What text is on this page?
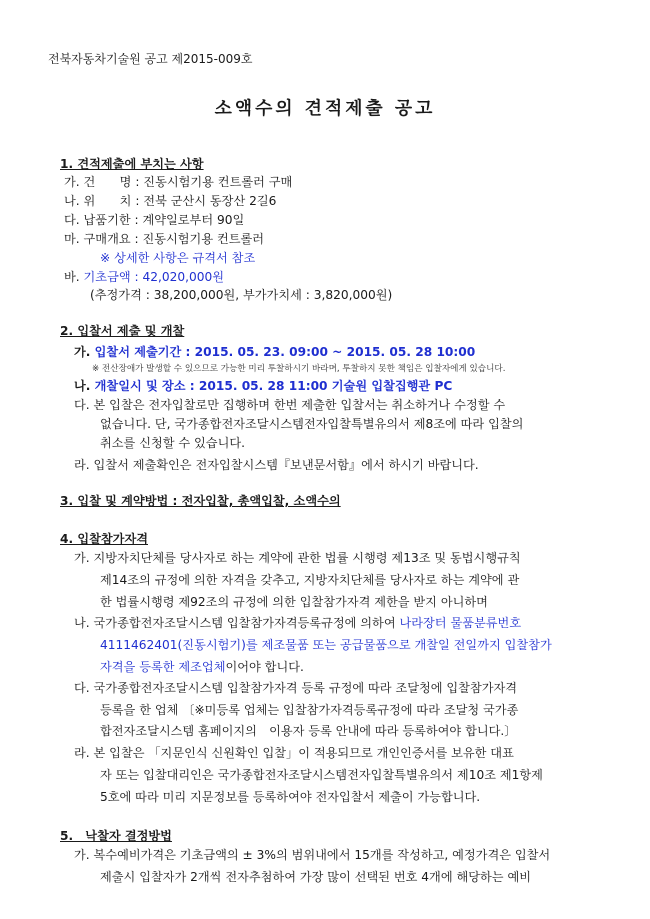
전북자동차기술원 공고 제2015-009호
소액수의 견적제출 공고
1. 견적제출에 부치는 사항
가. 건　　명 : 진동시험기용 컨트롤러 구매
나. 위　　치 : 전북 군산시 동장산 2길6
다. 납품기한 : 계약일로부터 90일
마. 구매개요 : 진동시험기용 컨트롤러
※ 상세한 사항은 규격서 참조
바. 기초금액 : 42,020,000원
(추정가격 : 38,200,000원, 부가가치세 : 3,820,000원)
2. 입찰서 제출 및 개찰
가. 입찰서 제출기간 : 2015. 05. 23. 09:00 ~ 2015. 05. 28 10:00
※ 전산장애가 발생할 수 있으므로 가능한 미리 투찰하시기 바라며, 투찰하지 못한 책임은 입찰자에게 있습니다.
나. 개찰일시 및 장소 : 2015. 05. 28 11:00 기술원 입찰집행관 PC
다. 본 입찰은 전자입찰로만 집행하며 한번 제출한 입찰서는 취소하거나 수정할 수
없습니다. 단, 국가종합전자조달시스템전자입찰특별유의서 제8조에 따라 입찰의
취소를 신청할 수 있습니다.
라. 입찰서 제출확인은 전자입찰시스템『보낸문서함』에서 하시기 바랍니다.
3. 입찰 및 계약방법 : 전자입찰, 총액입찰, 소액수의
4. 입찰참가자격
가. 지방자치단체를 당사자로 하는 계약에 관한 법률 시행령 제13조 및 동법시행규칙
제14조의 규정에 의한 자격을 갖추고, 지방자치단체를 당사자로 하는 계약에 관
한 법률시행령 제92조의 규정에 의한 입찰참가자격 제한을 받지 아니하며
나. 국가종합전자조달시스템 입찰참가자격등록규정에 의하여 나라장터 물품분류번호
4111462401(진동시험기)를 제조물품 또는 공급물품으로 개찰일 전일까지 입찰참가
자격을 등록한 제조업체이어야 합니다.
다. 국가종합전자조달시스템 입찰참가자격 등록 규정에 따라 조달청에 입찰참가자격
등록을 한 업체 〔※미등록 업체는 입찰참가자격등록규정에 따라 조달청 국가종
합전자조달시스템 홈페이지의　이용자 등록 안내에 따라 등록하여야 합니다.〕
라. 본 입찰은 「지문인식 신원확인 입찰」이 적용되므로 개인인증서를 보유한 대표
자 또는 입찰대리인은 국가종합전자조달시스템전자입찰특별유의서 제10조 제1항제
5호에 따라 미리 지문정보를 등록하여야 전자입찰서 제출이 가능합니다.
5.　낙찰자 결정방법
가. 복수예비가격은 기초금액의 ± 3%의 범위내에서 15개를 작성하고, 예정가격은 입찰서
제출시 입찰자가 2개씩 전자추첨하여 가장 많이 선택된 번호 4개에 해당하는 예비
